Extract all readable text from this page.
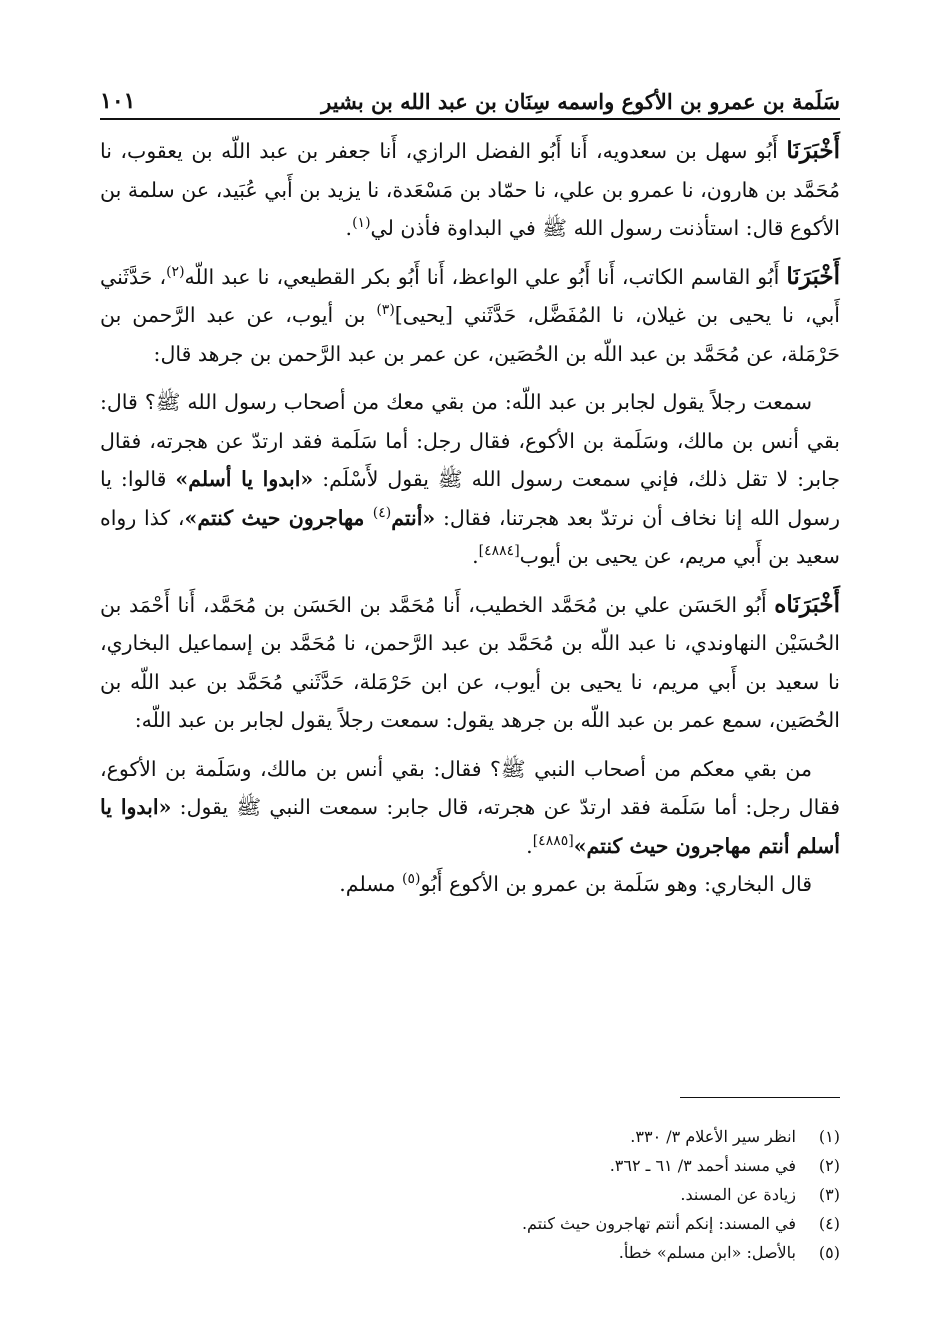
سَلَمة بن عمرو بن الأكوع واسمه سِنَان بن عبد الله بن بشير
١٠١

أَخْبَرَنَا أَبُو سهل بن سعدويه، أَنا أَبُو الفضل الرازي، أَنا جعفر بن عبد اللّه بن يعقوب، نا مُحَمَّد بن هارون، نا عمرو بن علي، نا حمّاد بن مَسْعَدة، نا يزيد بن أَبي عُبَيد، عن سلمة بن الأكوع قال: استأذنت رسول الله ﷺ في البداوة فأذن لي$^{(١)}$.

أَخْبَرَنَا أَبُو القاسم الكاتب، أَنا أَبُو علي الواعظ، أَنا أَبُو بكر القطيعي، نا عبد اللّه$^{(٢)}$، حَدَّثَني أَبي، نا يحيى بن غيلان، نا المُفَضَّل، حَدَّثَني [يحيى]$^{(٣)}$ بن أيوب، عن عبد الرَّحمن بن حَرْمَلة، عن مُحَمَّد بن عبد اللّه بن الحُصَين، عن عمر بن عبد الرَّحمن بن جرهد قال:

سمعت رجلاً يقول لجابر بن عبد اللّه: من بقي معك من أصحاب رسول الله ﷺ؟ قال: بقي أنس بن مالك، وسَلَمة بن الأكوع، فقال رجل: أما سَلَمة فقد ارتدّ عن هجرته، فقال جابر: لا تقل ذلك، فإني سمعت رسول الله ﷺ يقول لأَسْلَم: «ابدوا يا أسلم» قالوا: يا رسول الله إنا نخاف أن نرتدّ بعد هجرتنا، فقال: «أنتم$^{(٤)}$ مهاجرون حيث كنتم»، كذا رواه سعيد بن أَبي مريم، عن يحيى بن أيوب[٤٨٨٤].

أَخْبَرَنَاه أَبُو الحَسَن علي بن مُحَمَّد الخطيب، أَنا مُحَمَّد بن الحَسَن بن مُحَمَّد، أَنا أَحْمَد بن الحُسَيْن النهاوندي، نا عبد اللّه بن مُحَمَّد بن عبد الرَّحمن، نا مُحَمَّد بن إسماعيل البخاري، نا سعيد بن أَبي مريم، نا يحيى بن أيوب، عن ابن حَرْمَلة، حَدَّثَني مُحَمَّد بن عبد اللّه بن الحُصَين، سمع عمر بن عبد اللّه بن جرهد يقول: سمعت رجلاً يقول لجابر بن عبد اللّه:

من بقي معكم من أصحاب النبي ﷺ؟ فقال: بقي أنس بن مالك، وسَلَمة بن الأكوع، فقال رجل: أما سَلَمة فقد ارتدّ عن هجرته، قال جابر: سمعت النبي ﷺ يقول: «ابدوا يا أسلم أنتم مهاجرون حيث كنتم»[٤٨٨٥].

قال البخاري: وهو سَلَمة بن عمرو بن الأكوع أَبُو$^{(٥)}$ مسلم.

(١)
انظر سير الأعلام ٣/ ٣٣٠.
(٢)
في مسند أحمد ٣/ ٦١ ـ ٣٦٢.
(٣)
زيادة عن المسند.
(٤)
في المسند: إنكم أنتم تهاجرون حيث كنتم.
(٥)
بالأصل: «ابن مسلم» خطأ.
